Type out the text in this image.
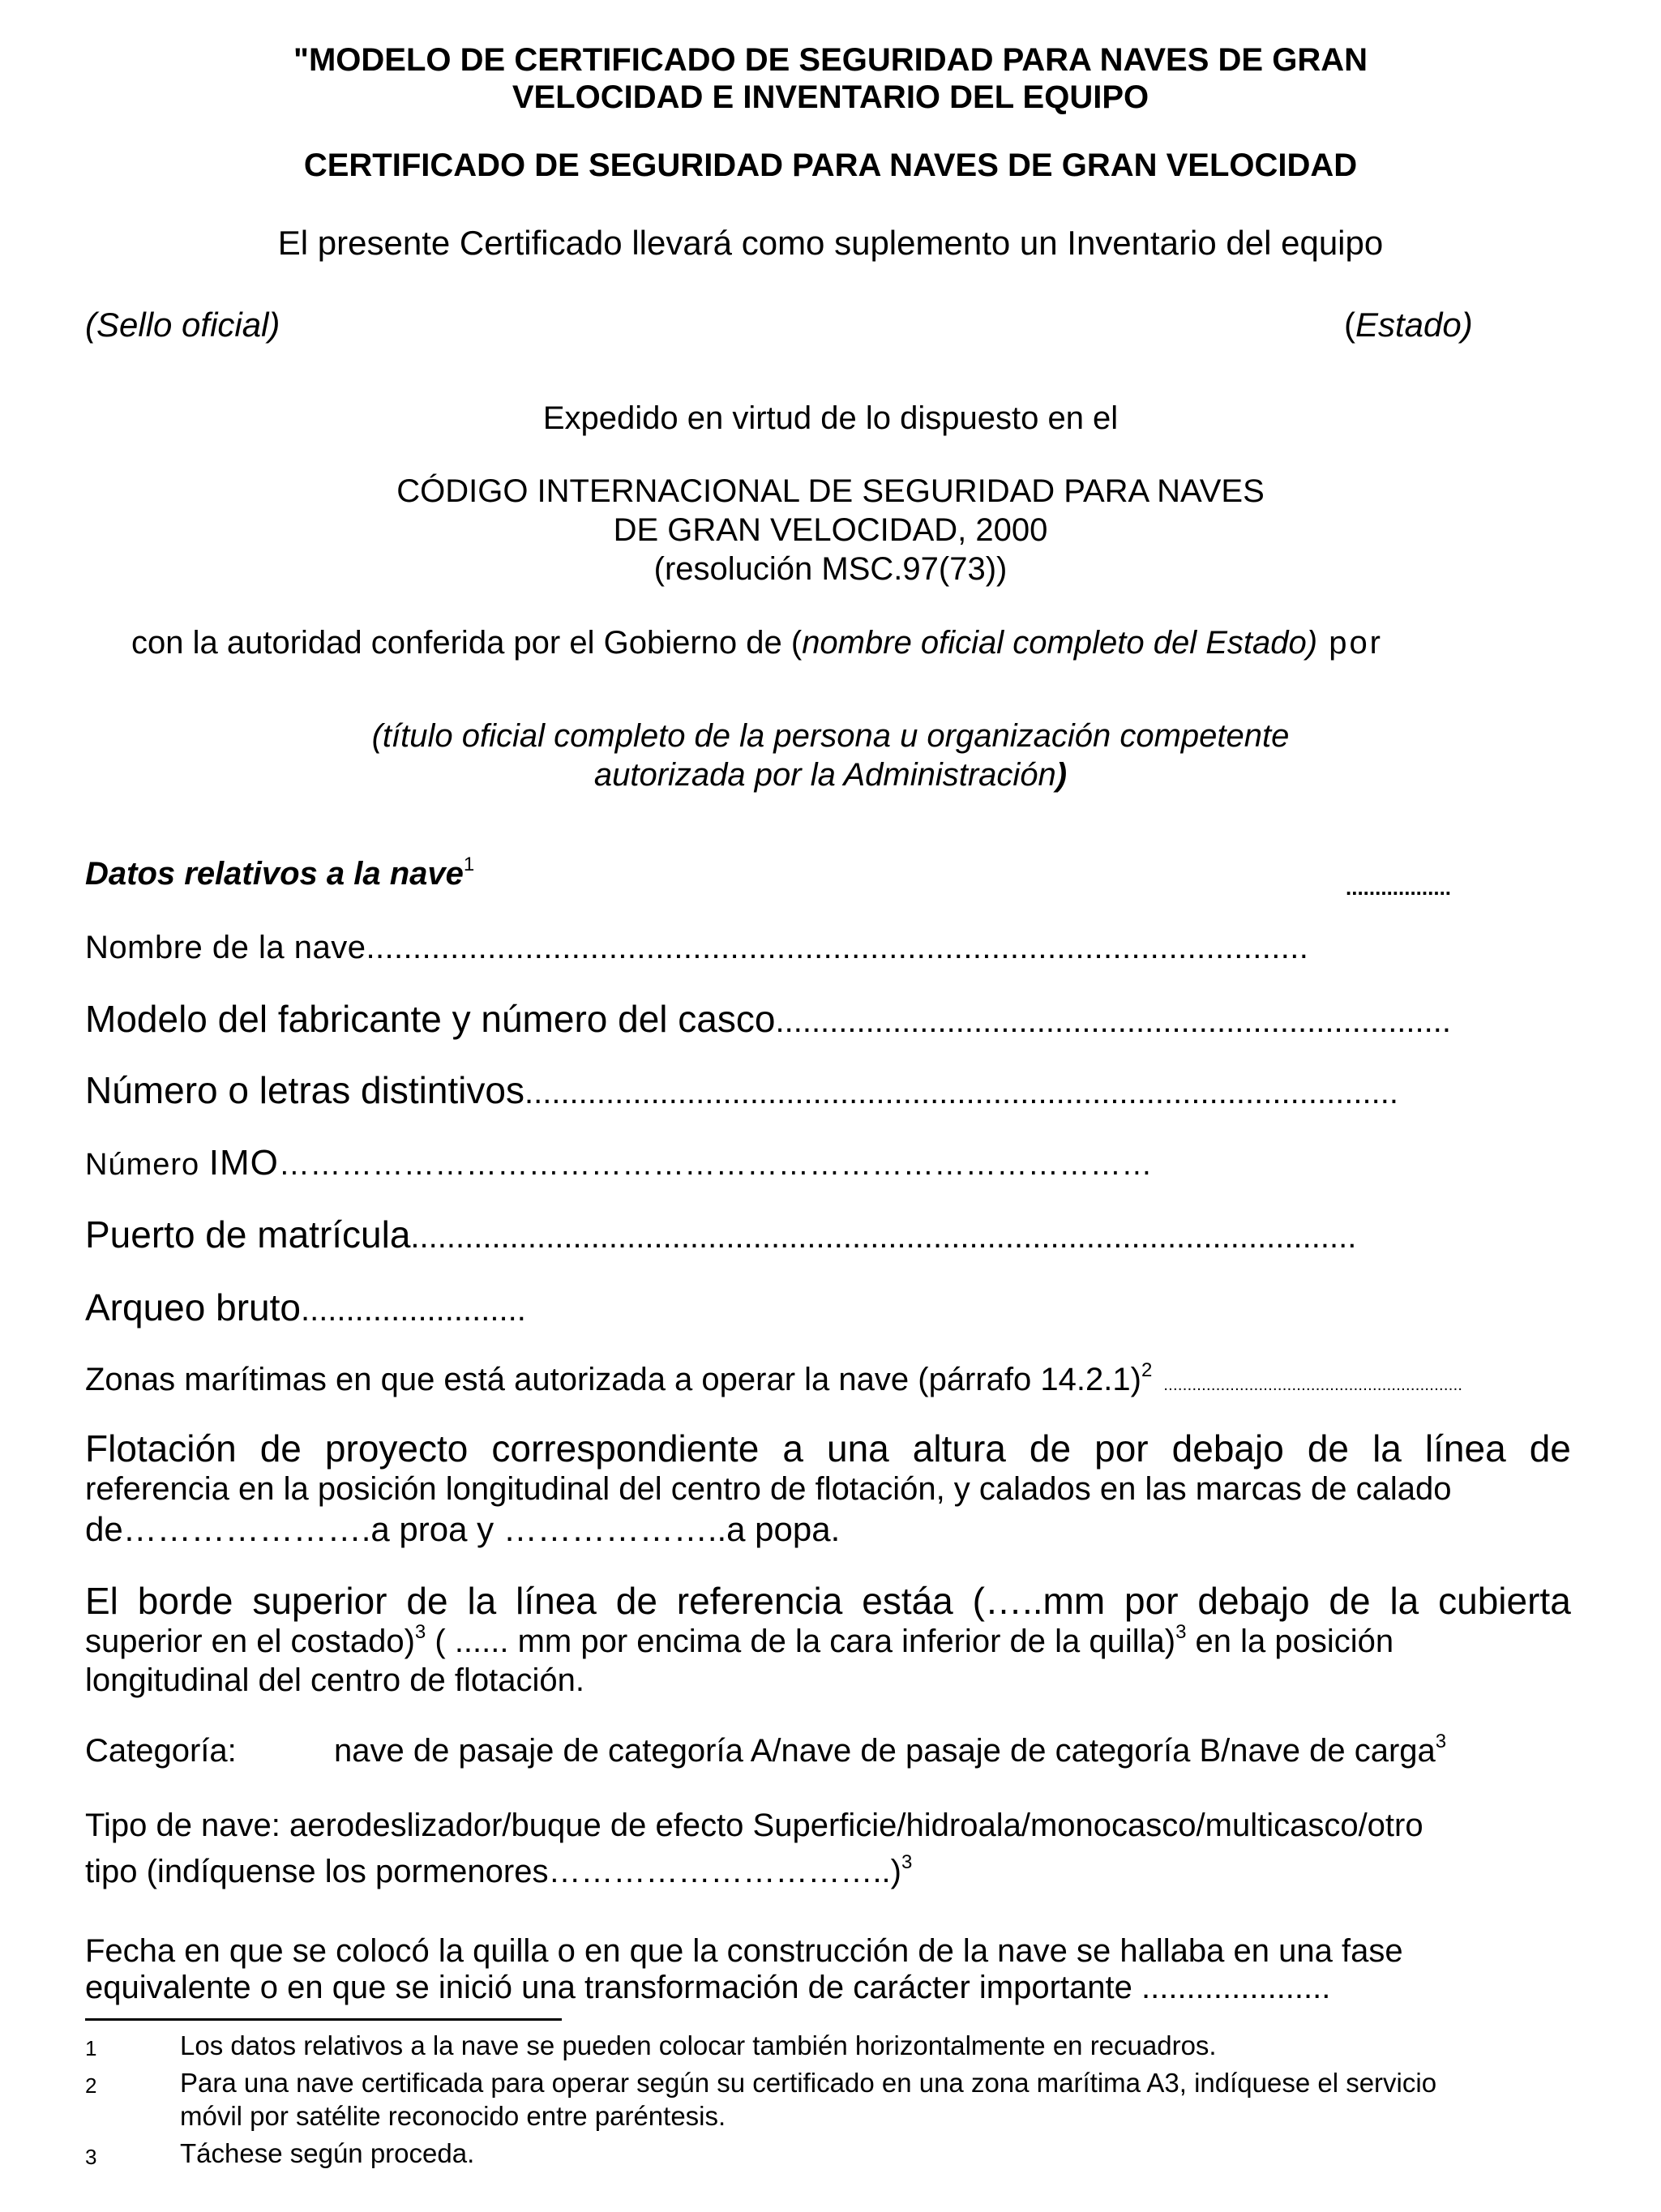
"MODELO DE CERTIFICADO DE SEGURIDAD PARA NAVES DE GRAN
VELOCIDAD E INVENTARIO DEL EQUIPO
CERTIFICADO DE SEGURIDAD PARA NAVES DE GRAN VELOCIDAD
El presente Certificado llevará como suplemento un Inventario del equipo
(Sello oficial)	(Estado)
Expedido en virtud de lo dispuesto en el
CÓDIGO INTERNACIONAL DE SEGURIDAD PARA NAVES
DE GRAN VELOCIDAD, 2000
(resolución MSC.97(73))
con la autoridad conferida por el Gobierno de (nombre oficial completo del Estado) por
(título oficial completo de la persona u organización competente
autorizada por la Administración)
Datos relativos a la nave$^1$
..................
Nombre de la nave.....................................................................................................
Modelo del fabricante y número del casco...........................................................................
Número o letras distintivos.................................................................................................
Número IMO…………………………………………………………………………
Puerto de matrícula.........................................................................................................
Arqueo bruto.........................
Zonas marítimas en que está autorizada a operar la nave (párrafo 14.2.1)$^2$...............................................................
Flotación de proyecto correspondiente a una altura de por debajo de la línea de
referencia en la posición longitudinal del centro de flotación, y calados en las marcas de calado
de………………….a proa y ………………..a popa.
El borde superior de la línea de referencia estáa (…..mm por debajo de la cubierta
superior en el costado)$^3$ ( ...... mm por encima de la cara inferior de la quilla)$^3$ en la posición
longitudinal del centro de flotación.
Categoría:	nave de pasaje de categoría A/nave de pasaje de categoría B/nave de carga$^3$
Tipo de nave: aerodeslizador/buque de efecto Superficie/hidroala/monocasco/multicasco/otro
tipo (indíquense los pormenores…………………………..)$^3$
Fecha en que se colocó la quilla o en que la construcción de la nave se hallaba en una fase
equivalente o en que se inició una transformación de carácter importante .....................
1	Los datos relativos a la nave se pueden colocar también horizontalmente en recuadros.
2	Para una nave certificada para operar según su certificado en una zona marítima A3, indíquese el servicio
móvil por satélite reconocido entre paréntesis.
3	Táchese según proceda.
